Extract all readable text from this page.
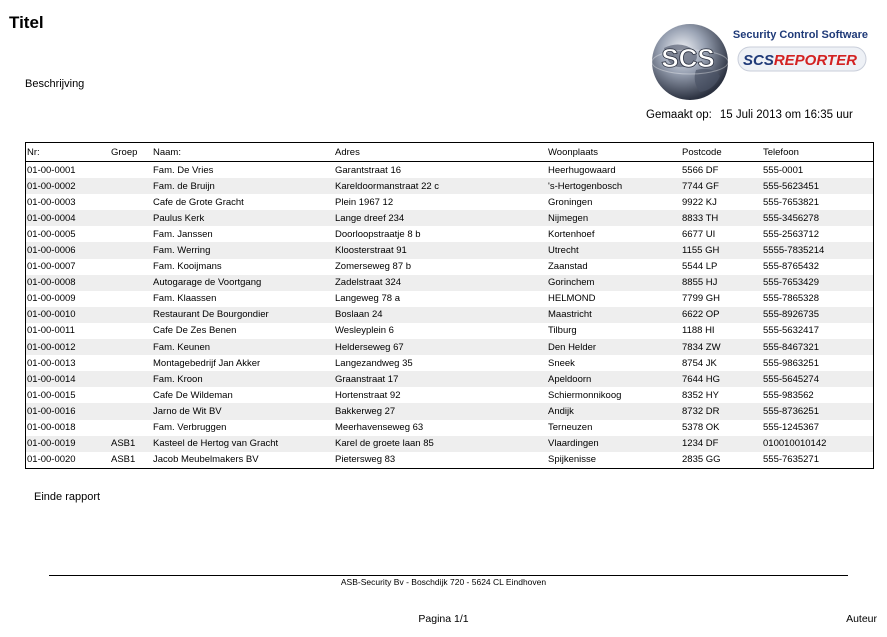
Titel
Beschrijving
SCS
Security Control Software
SCSREPORTER
Gemaakt op: 15 Juli 2013 om 16:35 uur
Nr:	Groep	Naam:	Adres	Woonplaats	Postcode	Telefoon
01-00-0001		Fam. De Vries	Garantstraat 16	Heerhugowaard	5566 DF	555-0001
01-00-0002		Fam. de Bruijn	Kareldoormanstraat 22 c	's-Hertogenbosch	7744 GF	555-5623451
01-00-0003		Cafe de Grote Gracht	Plein 1967 12	Groningen	9922 KJ	555-7653821
01-00-0004		Paulus Kerk	Lange dreef 234	Nijmegen	8833 TH	555-3456278
01-00-0005		Fam. Janssen	Doorloopstraatje 8 b	Kortenhoef	6677 UI	555-2563712
01-00-0006		Fam. Werring	Kloosterstraat 91	Utrecht	1155 GH	5555-7835214
01-00-0007		Fam. Kooijmans	Zomerseweg 87 b	Zaanstad	5544 LP	555-8765432
01-00-0008		Autogarage de Voortgang	Zadelstraat 324	Gorinchem	8855 HJ	555-7653429
01-00-0009		Fam. Klaassen	Langeweg 78 a	HELMOND	7799 GH	555-7865328
01-00-0010		Restaurant De Bourgondier	Boslaan 24	Maastricht	6622 OP	555-8926735
01-00-0011		Cafe De Zes Benen	Wesleyplein 6	Tilburg	1188 HI	555-5632417
01-00-0012		Fam. Keunen	Helderseweg 67	Den Helder	7834 ZW	555-8467321
01-00-0013		Montagebedrijf Jan Akker	Langezandweg 35	Sneek	8754 JK	555-9863251
01-00-0014		Fam. Kroon	Graanstraat 17	Apeldoorn	7644 HG	555-5645274
01-00-0015		Cafe De Wildeman	Hortenstraat 92	Schiermonnikoog	8352 HY	555-983562
01-00-0016		Jarno de Wit BV	Bakkerweg 27	Andijk	8732 DR	555-8736251
01-00-0018		Fam. Verbruggen	Meerhavenseweg 63	Terneuzen	5378 OK	555-1245367
01-00-0019	ASB1	Kasteel de Hertog van Gracht	Karel de groete laan 85	Vlaardingen	1234 DF	010010010142
01-00-0020	ASB1	Jacob Meubelmakers BV	Pietersweg 83	Spijkenisse	2835 GG	555-7635271
Einde rapport
ASB-Security Bv - Boschdijk 720 - 5624 CL Eindhoven
Pagina 1/1	Auteur
